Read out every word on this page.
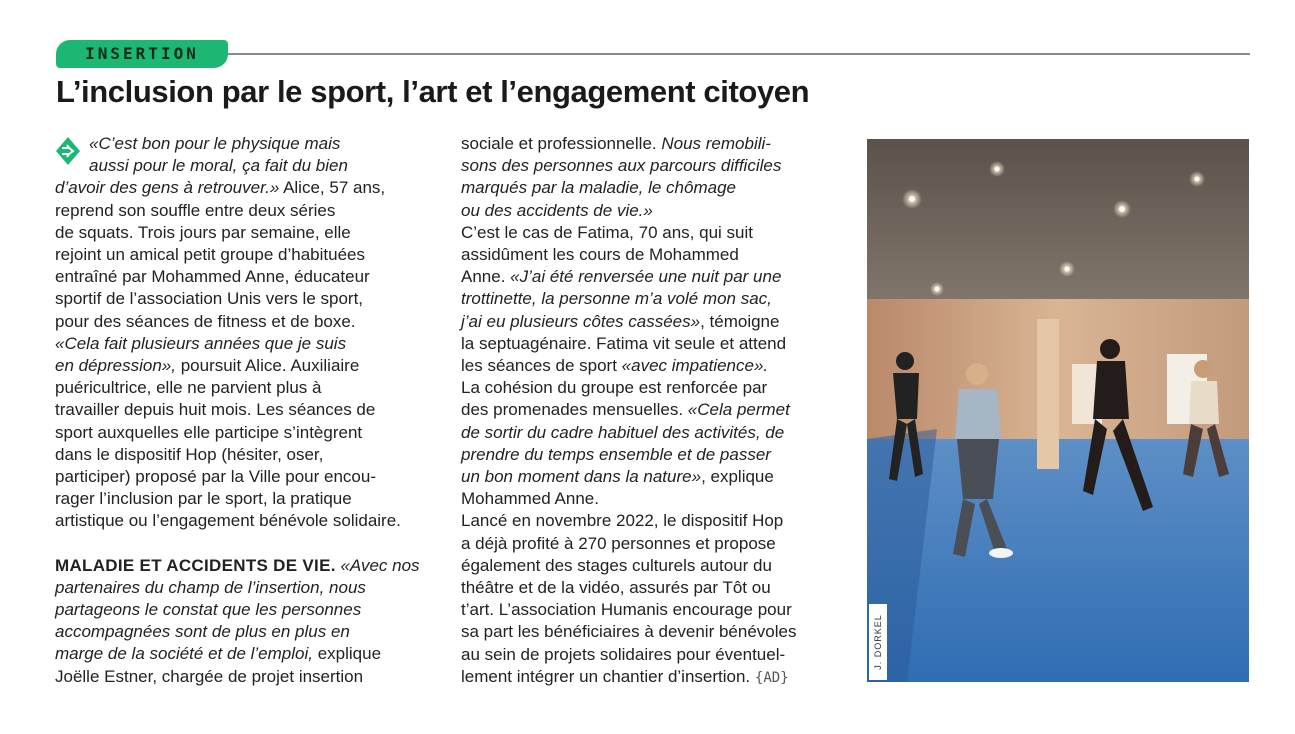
INSERTION
L’inclusion par le sport, l’art et l’engagement citoyen

«C’est bon pour le physique mais

aussi pour le moral, ça fait du bien

d’avoir des gens à retrouver.» Alice, 57 ans,

reprend son souffle entre deux séries

de squats. Trois jours par semaine, elle

rejoint un amical petit groupe d’habituées

entraîné par Mohammed Anne, éducateur

sportif de l’association Unis vers le sport,

pour des séances de fitness et de boxe.

«Cela fait plusieurs années que je suis

en dépression», poursuit Alice. Auxiliaire

puéricultrice, elle ne parvient plus à

travailler depuis huit mois. Les séances de

sport auxquelles elle participe s’intègrent

dans le dispositif Hop (hésiter, oser,

participer) proposé par la Ville pour encou-

rager l’inclusion par le sport, la pratique

artistique ou l’engagement bénévole solidaire.

MALADIE ET ACCIDENTS DE VIE. «Avec nos

partenaires du champ de l’insertion, nous

partageons le constat que les personnes

accompagnées sont de plus en plus en

marge de la société et de l’emploi, explique

Joëlle Estner, chargée de projet insertion

sociale et professionnelle. Nous remobili-

sons des personnes aux parcours difficiles

marqués par la maladie, le chômage

ou des accidents de vie.»

C’est le cas de Fatima, 70 ans, qui suit

assidûment les cours de Mohammed

Anne. «J’ai été renversée une nuit par une

trottinette, la personne m’a volé mon sac,

j’ai eu plusieurs côtes cassées», témoigne

la septuagénaire. Fatima vit seule et attend

les séances de sport «avec impatience».

La cohésion du groupe est renforcée par

des promenades mensuelles. «Cela permet

de sortir du cadre habituel des activités, de

prendre du temps ensemble et de passer

un bon moment dans la nature», explique

Mohammed Anne.

Lancé en novembre 2022, le dispositif Hop

a déjà profité à 270 personnes et propose

également des stages culturels autour du

théâtre et de la vidéo, assurés par Tôt ou

t’art. L’association Humanis encourage pour

sa part les bénéficiaires à devenir bénévoles

au sein de projets solidaires pour éventuel-

lement intégrer un chantier d’insertion. {AD}

J. DORKEL
